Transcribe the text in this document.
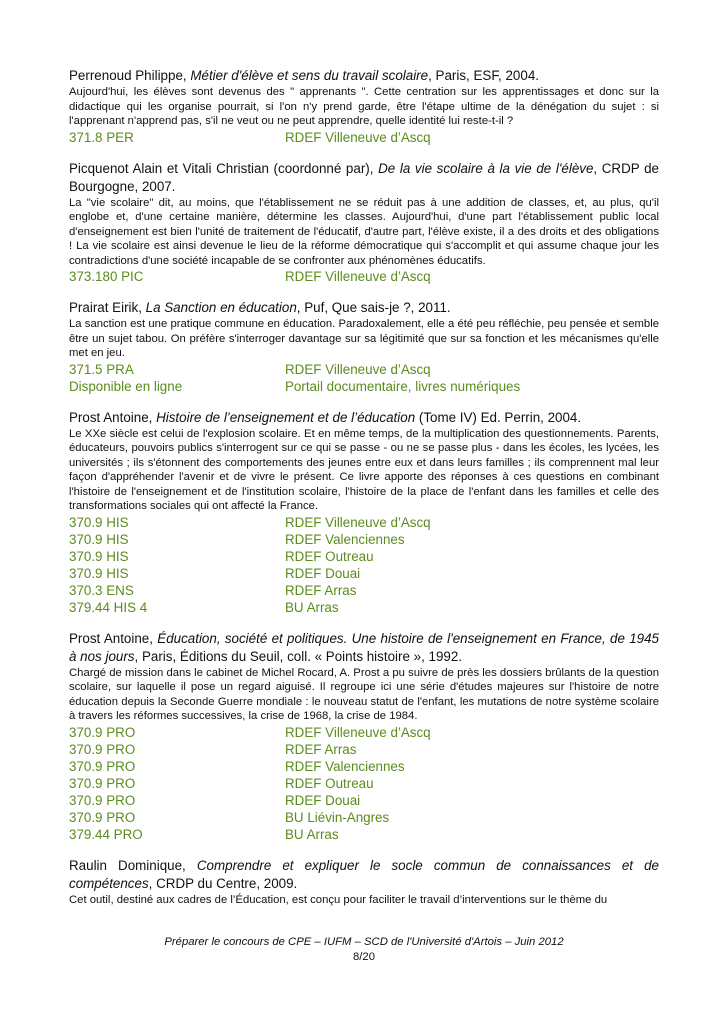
Perrenoud Philippe, Métier d'élève et sens du travail scolaire, Paris, ESF, 2004.
Aujourd'hui, les élèves sont devenus des " apprenants ". Cette centration sur les apprentissages et donc sur la didactique qui les organise pourrait, si l'on n'y prend garde, être l'étape ultime de la dénégation du sujet : si l'apprenant n'apprend pas, s'il ne veut ou ne peut apprendre, quelle identité lui reste-t-il ?
371.8 PER	RDEF Villeneuve d’Ascq
Picquenot Alain et Vitali Christian (coordonné par), De la vie scolaire à la vie de l'élève, CRDP de Bourgogne, 2007.
La "vie scolaire" dit, au moins, que l'établissement ne se réduit pas à une addition de classes, et, au plus, qu'il englobe et, d'une certaine manière, détermine les classes. Aujourd'hui, d'une part l'établissement public local d'enseignement est bien l'unité de traitement de l'éducatif, d'autre part, l'élève existe, il a des droits et des obligations ! La vie scolaire est ainsi devenue le lieu de la réforme démocratique qui s'accomplit et qui assume chaque jour les contradictions d'une société incapable de se confronter aux phénomènes éducatifs.
373.180 PIC	RDEF Villeneuve d’Ascq
Prairat Eirik, La Sanction en éducation, Puf, Que sais-je ?, 2011.
La sanction est une pratique commune en éducation. Paradoxalement, elle a été peu réfléchie, peu pensée et semble être un sujet tabou. On préfère s'interroger davantage sur sa légitimité que sur sa fonction et les mécanismes qu'elle met en jeu.
371.5 PRA	RDEF Villeneuve d’Ascq
Disponible en ligne	Portail documentaire, livres numériques
Prost Antoine, Histoire de l’enseignement et de l’éducation (Tome IV) Ed. Perrin, 2004.
Le XXe siècle est celui de l'explosion scolaire. Et en même temps, de la multiplication des questionnements. Parents, éducateurs, pouvoirs publics s'interrogent sur ce qui se passe - ou ne se passe plus - dans les écoles, les lycées, les universités ; ils s'étonnent des comportements des jeunes entre eux et dans leurs familles ; ils comprennent mal leur façon d'appréhender l'avenir et de vivre le présent. Ce livre apporte des réponses à ces questions en combinant l'histoire de l'enseignement et de l'institution scolaire, l'histoire de la place de l'enfant dans les familles et celle des transformations sociales qui ont affecté la France.
370.9 HIS	RDEF Villeneuve d’Ascq
370.9 HIS	RDEF Valenciennes
370.9 HIS	RDEF Outreau
370.9 HIS	RDEF Douai
370.3 ENS	RDEF Arras
379.44 HIS 4	BU Arras
Prost Antoine, Éducation, société et politiques. Une histoire de l'enseignement en France, de 1945 à nos jours, Paris, Éditions du Seuil, coll. « Points histoire », 1992.
Chargé de mission dans le cabinet de Michel Rocard, A. Prost a pu suivre de près les dossiers brûlants de la question scolaire, sur laquelle il pose un regard aiguisé. Il regroupe ici une série d'études majeures sur l'histoire de notre éducation depuis la Seconde Guerre mondiale : le nouveau statut de l'enfant, les mutations de notre système scolaire à travers les réformes successives, la crise de 1968, la crise de 1984.
370.9 PRO	RDEF Villeneuve d’Ascq
370.9 PRO	RDEF Arras
370.9 PRO	RDEF Valenciennes
370.9 PRO	RDEF Outreau
370.9 PRO	RDEF Douai
370.9 PRO	BU Liévin-Angres
379.44 PRO	BU Arras
Raulin Dominique, Comprendre et expliquer le socle commun de connaissances et de compétences, CRDP du Centre, 2009.
Cet outil, destiné aux cadres de l’Éducation, est conçu pour faciliter le travail d’interventions sur le thème du
Préparer le concours de CPE – IUFM – SCD de l'Université d'Artois – Juin 2012
8/20
